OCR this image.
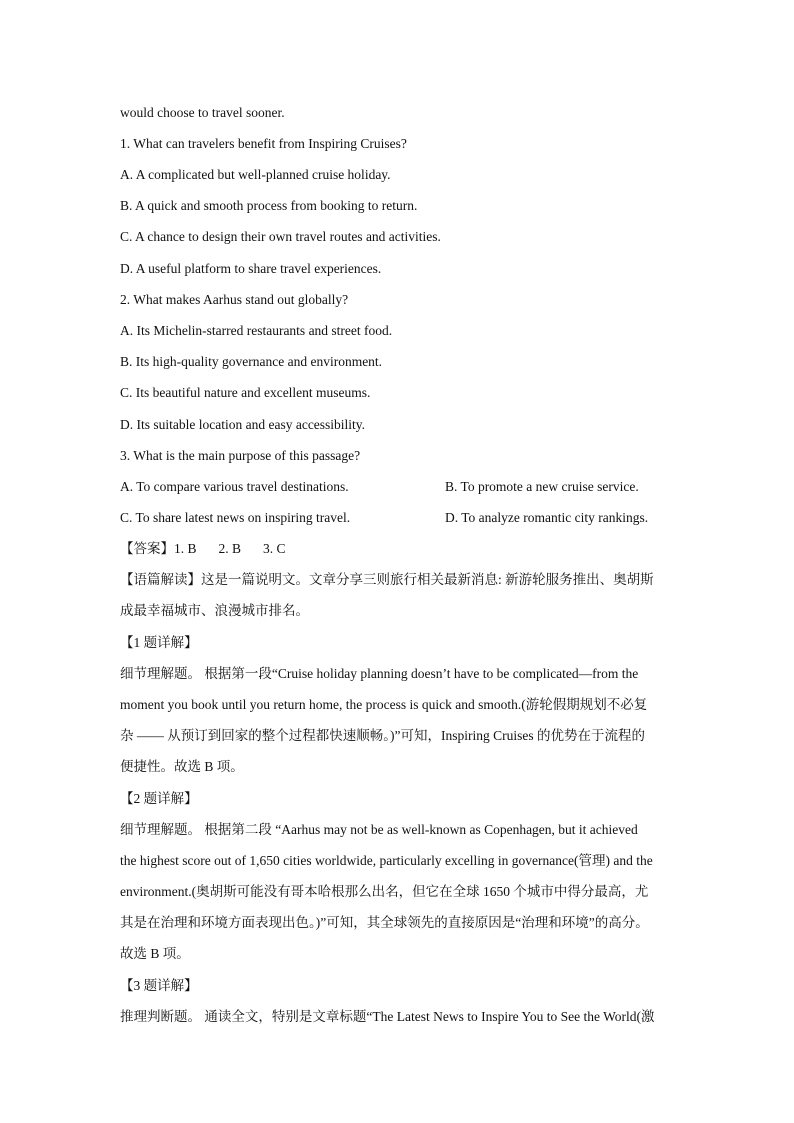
would choose to travel sooner.

1. What can travelers benefit from Inspiring Cruises?

A. A complicated but well-planned cruise holiday.

B. A quick and smooth process from booking to return.

C. A chance to design their own travel routes and activities.

D. A useful platform to share travel experiences.

2. What makes Aarhus stand out globally?

A. Its Michelin-starred restaurants and street food.

B. Its high-quality governance and environment.

C. Its beautiful nature and excellent museums.

D. Its suitable location and easy accessibility.

3. What is the main purpose of this passage?

A. To compare various travel destinations.	B. To promote a new cruise service.
C. To share latest news on inspiring travel.	D. To analyze romantic city rankings.

【答案】1. B 2. B 3. C

【语篇解读】这是一篇说明文。文章分享三则旅行相关最新消息: 新游轮服务推出、奥胡斯

成最幸福城市、浪漫城市排名。

【1 题详解】

细节理解题。 根据第一段“Cruise holiday planning doesn’t have to be complicated—from the

moment you book until you return home, the process is quick and smooth.(游轮假期规划不必复

杂 —— 从预订到回家的整个过程都快速顺畅。)”可知，Inspiring Cruises 的优势在于流程的

便捷性。故选 B 项。

【2 题详解】

细节理解题。 根据第二段 “Aarhus may not be as well-known as Copenhagen, but it achieved

the highest score out of 1,650 cities worldwide, particularly excelling in governance(管理) and the

environment.(奥胡斯可能没有哥本哈根那么出名，但它在全球 1650 个城市中得分最高，尤

其是在治理和环境方面表现出色。)”可知，其全球领先的直接原因是“治理和环境”的高分。

故选 B 项。

【3 题详解】

推理判断题。 通读全文，特别是文章标题“The Latest News to Inspire You to See the World(激
